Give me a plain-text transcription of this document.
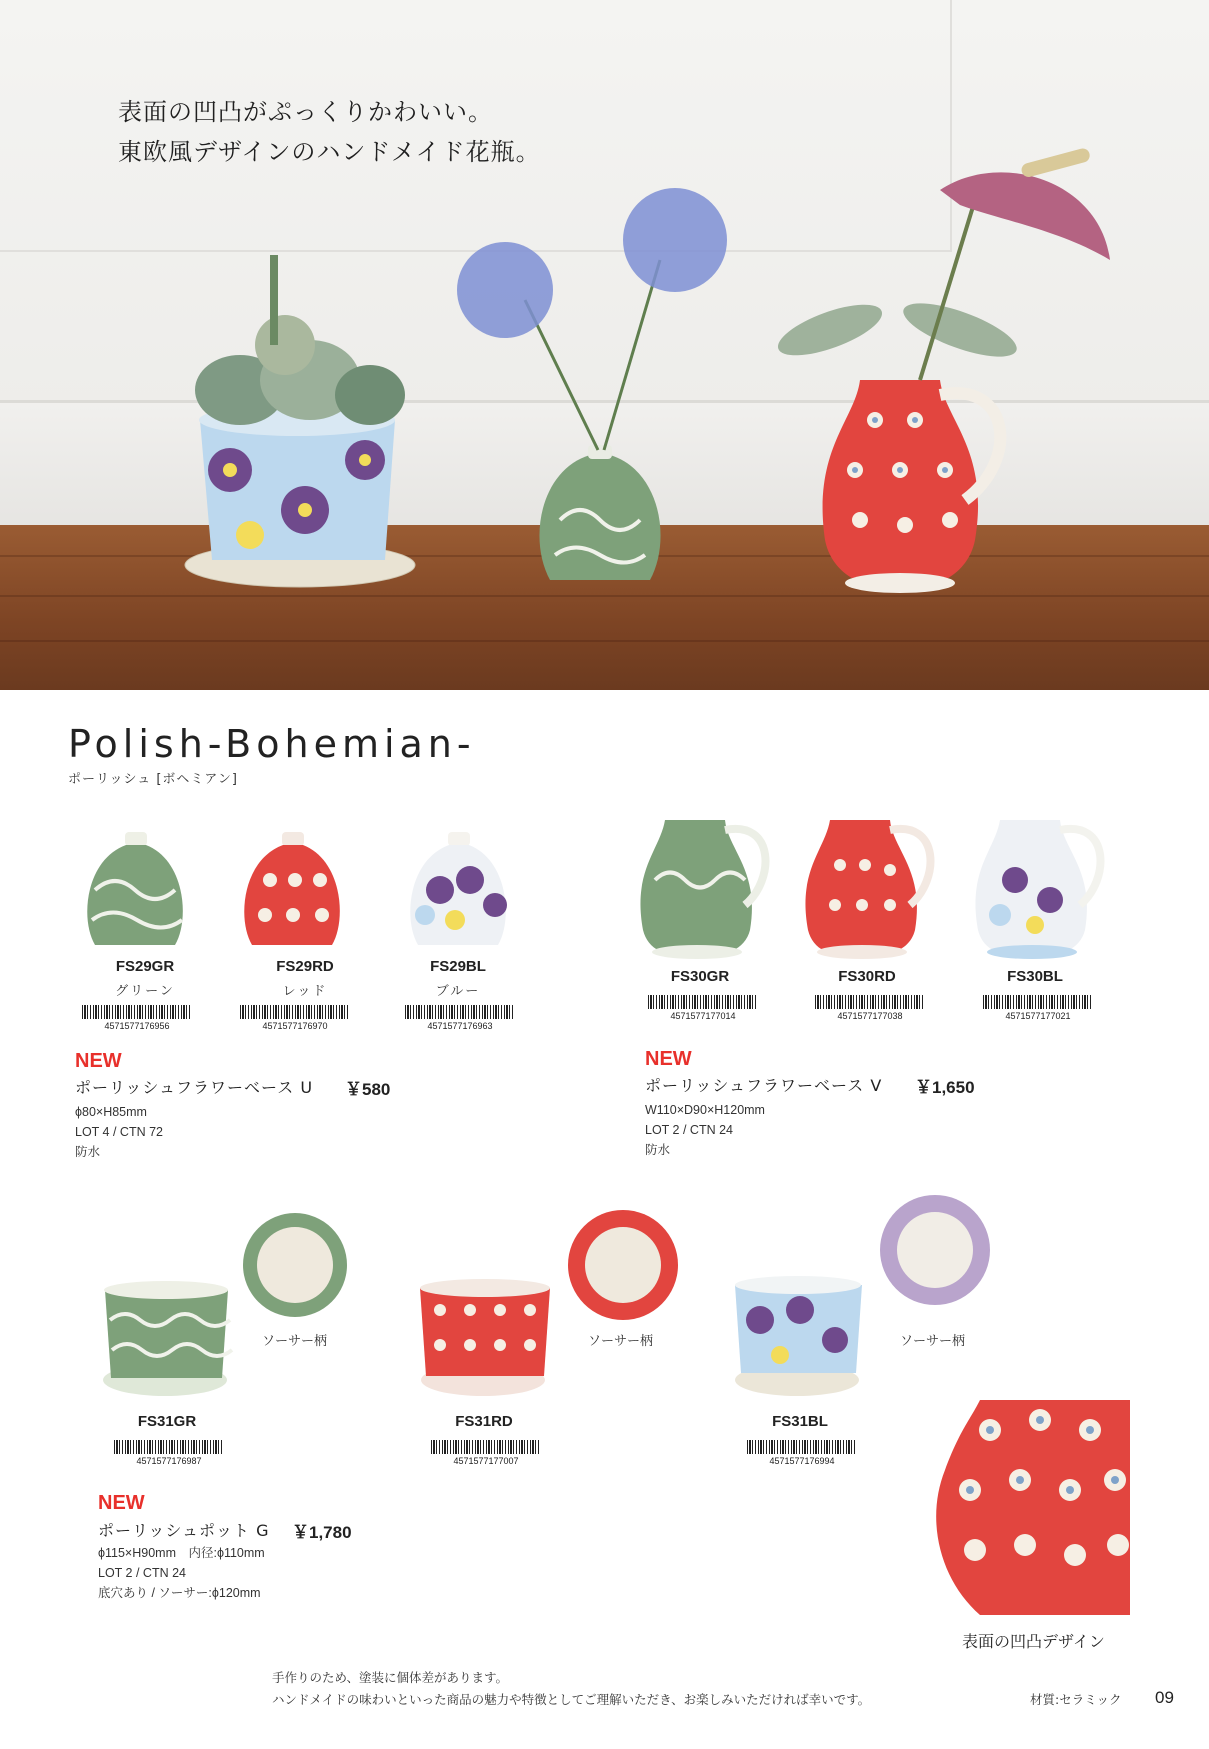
表面の凹凸がぷっくりかわいい。
東欧風デザインのハンドメイド花瓶。
Polish-Bohemian-
ポーリッシュ [ボヘミアン]
FS29GR
グリーン
4571577176956
FS29RD
レッド
4571577176970
FS29BL
ブルー
4571577176963
NEW
ポーリッシュフラワーベース U ￥580
ϕ80×H85mm
LOT 4 / CTN 72
防水
FS30GR
4571577177014
FS30RD
4571577177038
FS30BL
4571577177021
NEW
ポーリッシュフラワーベース V ￥1,650
W110×D90×H120mm
LOT 2 / CTN 24
防水
ソーサー柄	ソーサー柄	ソーサー柄
FS31GR
4571577176987
FS31RD
4571577177007
FS31BL
4571577176994
NEW
ポーリッシュポット G ￥1,780
ϕ115×H90mm　内径:ϕ110mm
LOT 2 / CTN 24
底穴あり / ソーサー:ϕ120mm
表面の凹凸デザイン
手作りのため、塗装に個体差があります。
ハンドメイドの味わいといった商品の魅力や特徴としてご理解いただき、お楽しみいただければ幸いです。	材質:セラミック 09
